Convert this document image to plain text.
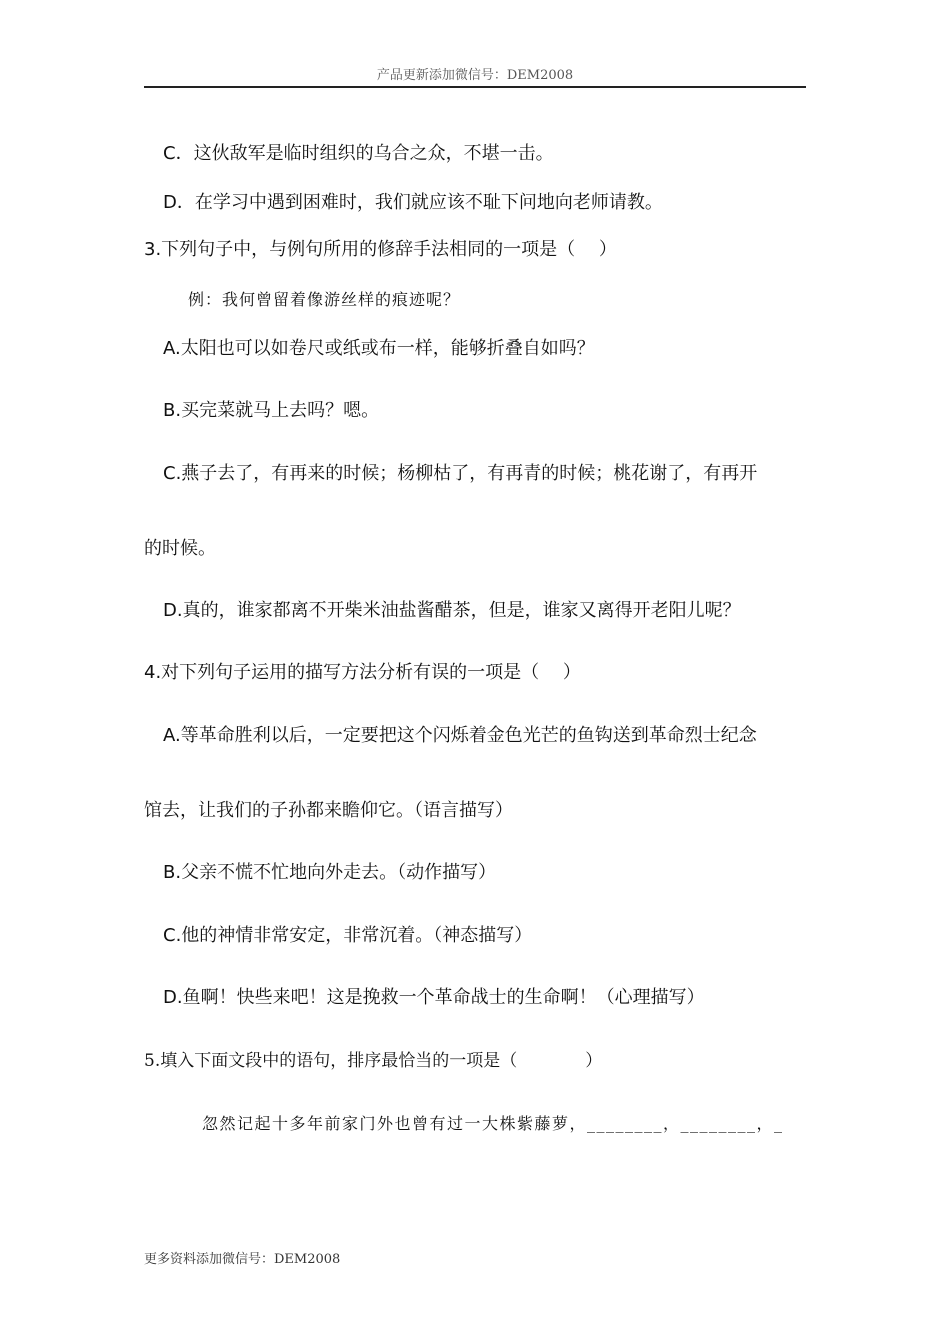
产品更新添加微信号：DEM2008
C．这伙敌军是临时组织的乌合之众，不堪一击。
D．在学习中遇到困难时，我们就应该不耻下问地向老师请教。
3.下列句子中，与例句所用的修辞手法相同的一项是（　 ）
例：我何曾留着像游丝样的痕迹呢？
A.太阳也可以如卷尺或纸或布一样，能够折叠自如吗？
B.买完菜就马上去吗？嗯。
C.燕子去了，有再来的时候；杨柳枯了，有再青的时候；桃花谢了，有再开
的时候。
D.真的，谁家都离不开柴米油盐酱醋茶，但是，谁家又离得开老阳儿呢？
4.对下列句子运用的描写方法分析有误的一项是（　 ）
A.等革命胜利以后，一定要把这个闪烁着金色光芒的鱼钩送到革命烈士纪念
馆去，让我们的子孙都来瞻仰它。（语言描写）
B.父亲不慌不忙地向外走去。（动作描写）
C.他的神情非常安定，非常沉着。（神态描写）
D.鱼啊！快些来吧！这是挽救一个革命战士的生命啊！（心理描写）
5.填入下面文段中的语句，排序最恰当的一项是（　　　　）
忽然记起十多年前家门外也曾有过一大株紫藤萝，________，________，_
更多资料添加微信号：DEM2008
